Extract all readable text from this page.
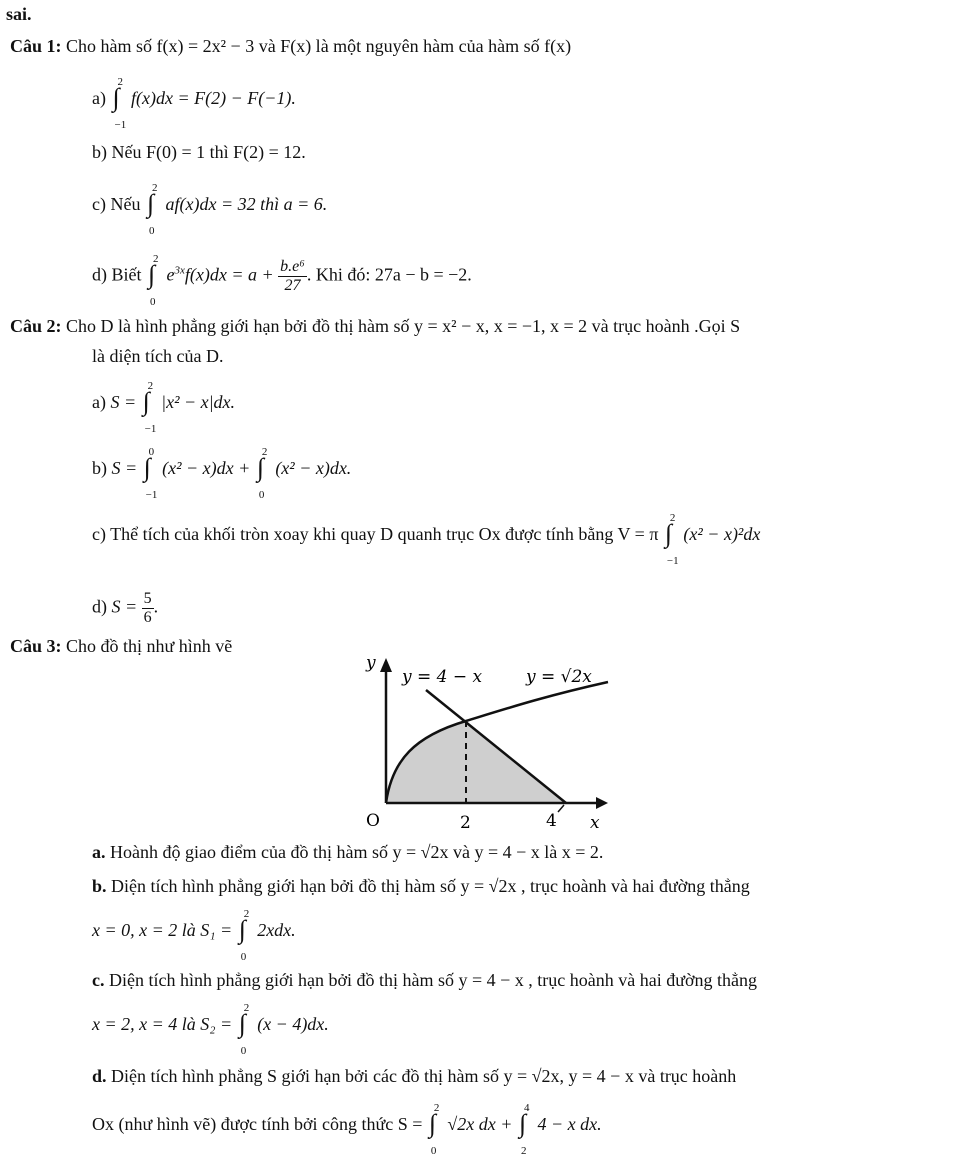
sai.
Câu 1: Cho hàm số f(x) = 2x² − 3 và F(x) là một nguyên hàm của hàm số f(x)
a) ∫
2
−1
f(x)dx = F(2) − F(−1).
b) Nếu F(0) = 1 thì F(2) = 12.
c) Nếu ∫
2
0
af(x)dx = 32 thì a = 6.
d) Biết ∫
2
0
$e^{3x}f(x)dx = a + \frac{\text{b.e⁶}}{27}$ . Khi đó: 27a − b = −2.
Câu 2: Cho D là hình phẳng giới hạn bởi đồ thị hàm số y = x² − x, x = −1, x = 2 và trục hoành .Gọi S
là diện tích của D.
a) S = ∫
2
−1
|x² − x|dx.
b) S = ∫
0
−1
(x² − x)dx + ∫
2
0
(x² − x)dx.
c) Thể tích của khối tròn xoay khi quay D quanh trục Ox được tính bằng V = π ∫
2
−1
(x² − x)²dx
d) $S = \frac{5}{6}$ .
Câu 3: Cho đồ thị như hình vẽ
y
y = 4 − x	y = √2x
O	2	4 x
a. Hoành độ giao điểm của đồ thị hàm số y = √2x và y = 4 − x là x = 2.
b. Diện tích hình phẳng giới hạn bởi đồ thị hàm số y = √2x , trục hoành và hai đường thẳng
x = 0, x = 2 là S₁ = ∫
2
0
2xdx.
c. Diện tích hình phẳng giới hạn bởi đồ thị hàm số y = 4 − x , trục hoành và hai đường thẳng
x = 2, x = 4 là S₂ = ∫
2
0
(x − 4)dx.
d. Diện tích hình phẳng S giới hạn bởi các đồ thị hàm số y = √2x, y = 4 − x và trục hoành
Ox (như hình vẽ) được tính bởi công thức S = ∫
2
0
√2x dx + ∫
4
2
4 − x dx.
